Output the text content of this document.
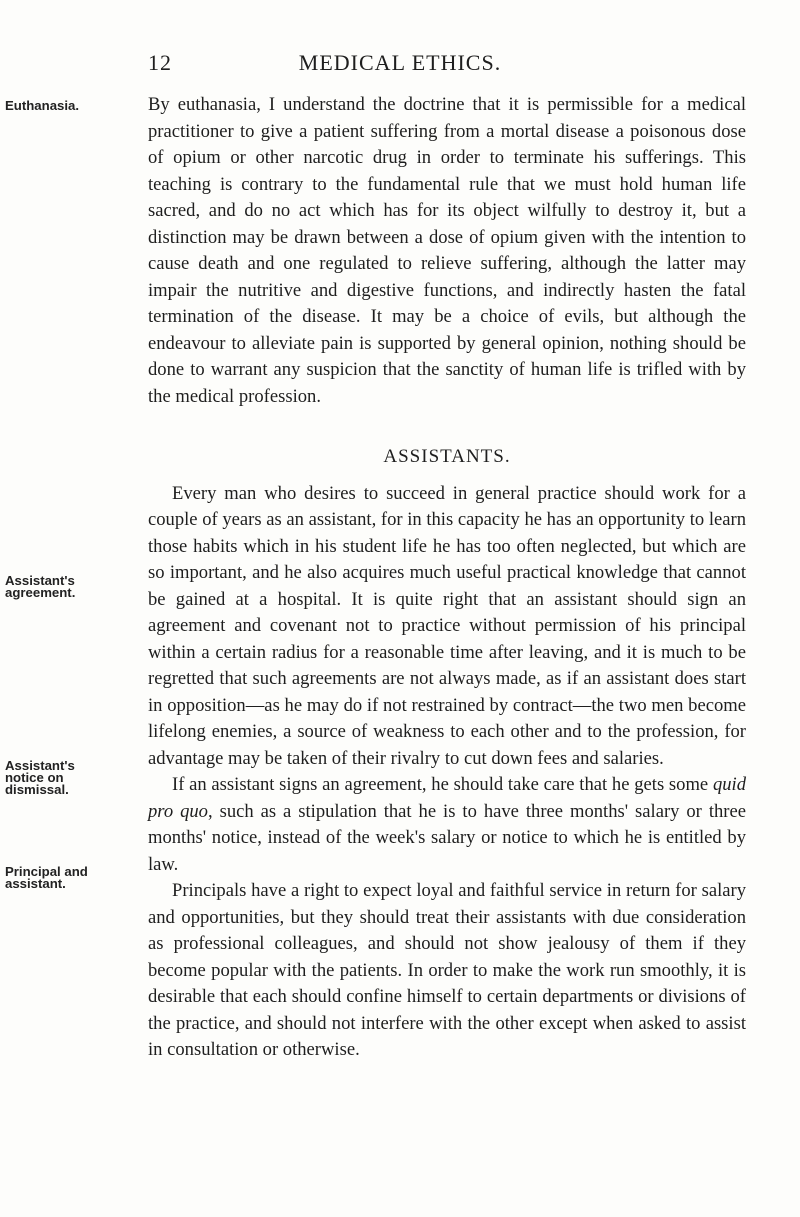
12	MEDICAL ETHICS.
Euthanasia.
Assistant's
agreement.
Assistant's
notice on
dismissal.
Principal and
assistant.

By euthanasia, I understand the doctrine that it is permissible for a medical practitioner to give a patient suffering from a mortal disease a poisonous dose of opium or other narcotic drug in order to terminate his sufferings. This teaching is contrary to the fundamental rule that we must hold human life sacred, and do no act which has for its object wilfully to destroy it, but a distinction may be drawn between a dose of opium given with the intention to cause death and one regulated to relieve suffering, although the latter may impair the nutritive and digestive functions, and indirectly hasten the fatal termination of the disease. It may be a choice of evils, but although the endeavour to alleviate pain is supported by general opinion, nothing should be done to warrant any suspicion that the sanctity of human life is trifled with by the medical profession.

ASSISTANTS.

Every man who desires to succeed in general practice should work for a couple of years as an assistant, for in this capacity he has an opportunity to learn those habits which in his student life he has too often neglected, but which are so important, and he also acquires much useful practical knowledge that cannot be gained at a hospital. It is quite right that an assistant should sign an agreement and covenant not to practice without permission of his principal within a certain radius for a reasonable time after leaving, and it is much to be regretted that such agreements are not always made, as if an assistant does start in opposition—as he may do if not restrained by contract—the two men become lifelong enemies, a source of weakness to each other and to the profession, for advantage may be taken of their rivalry to cut down fees and salaries.

If an assistant signs an agreement, he should take care that he gets some quid pro quo, such as a stipulation that he is to have three months' salary or three months' notice, instead of the week's salary or notice to which he is entitled by law.

Principals have a right to expect loyal and faithful service in return for salary and opportunities, but they should treat their assistants with due consideration as professional colleagues, and should not show jealousy of them if they become popular with the patients. In order to make the work run smoothly, it is desirable that each should confine himself to certain departments or divisions of the practice, and should not interfere with the other except when asked to assist in consultation or otherwise.
